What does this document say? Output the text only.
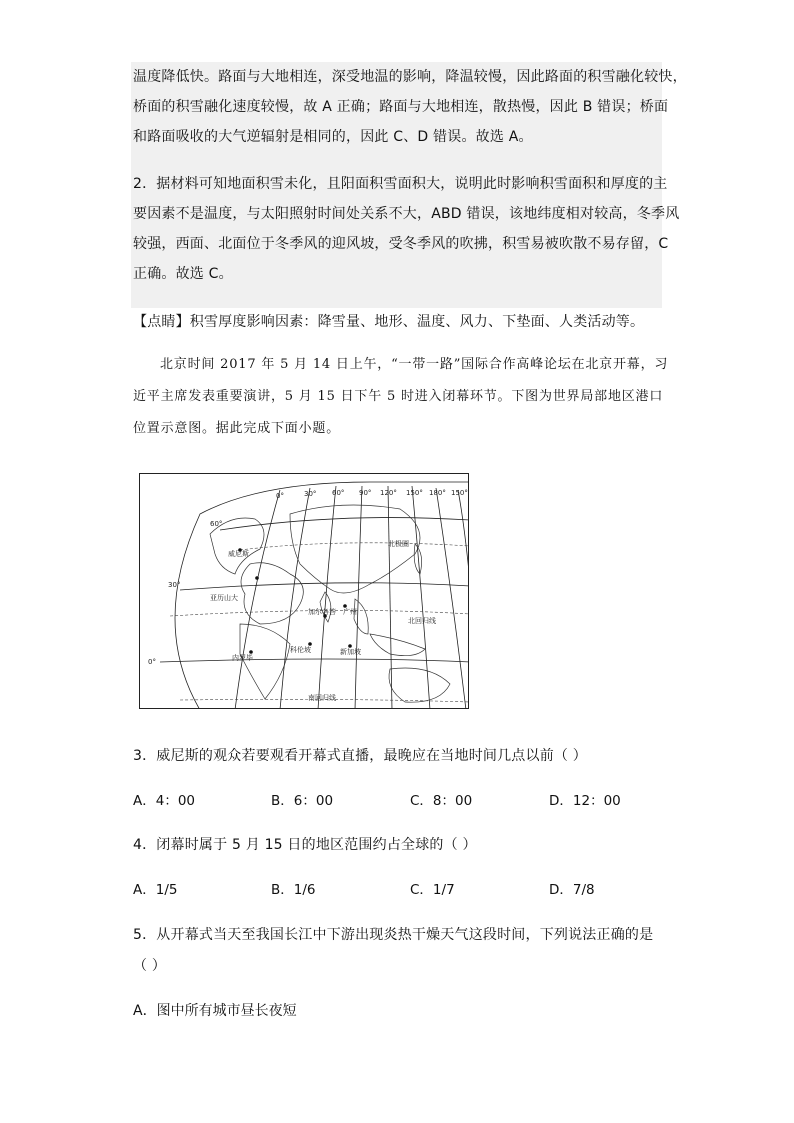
温度降低快。路面与大地相连，深受地温的影响，降温较慢，因此路面的积雪融化较快，
桥面的积雪融化速度较慢，故 A 正确；路面与大地相连，散热慢，因此 B 错误；桥面
和路面吸收的大气逆辐射是相同的，因此 C、D 错误。故选 A。
2．据材料可知地面积雪未化，且阳面积雪面积大，说明此时影响积雪面积和厚度的主
要因素不是温度，与太阳照射时间处关系不大，ABD 错误，该地纬度相对较高，冬季风
较强，西面、北面位于冬季风的迎风坡，受冬季风的吹拂，积雪易被吹散不易存留，C
正确。故选 C。
【点睛】积雪厚度影响因素：降雪量、地形、温度、风力、下垫面、人类活动等。
北京时间 2017 年 5 月 14 日上午，“一带一路”国际合作高峰论坛在北京开幕，习
近平主席发表重要演讲，5 月 15 日下午 5 时进入闭幕环节。下图为世界局部地区港口
位置示意图。据此完成下面小题。
0°	30° 60° 90° 120° 150° 180° 150°
60°
30°
0°
威尼斯
亚历山大
加尔各答 广州
科伦坡	新加坡
内罗毕
北极圈
北回归线
南回归线
3．威尼斯的观众若要观看开幕式直播，最晚应在当地时间几点以前（ ）
A．4：00	B．6：00	C．8：00	D．12：00
4．闭幕时属于 5 月 15 日的地区范围约占全球的（ ）
A．1/5	B．1/6	C．1/7	D．7/8
5．从开幕式当天至我国长江中下游出现炎热干燥天气这段时间，下列说法正确的是
（ ）
A．图中所有城市昼长夜短
